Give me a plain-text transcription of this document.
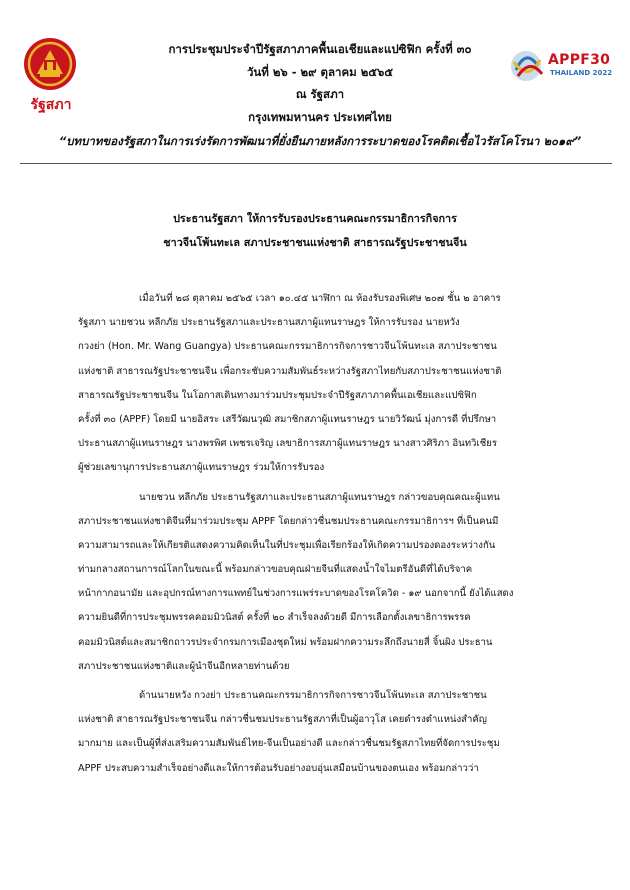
รัฐสภา
APPF30
THAILAND 2022
การประชุมประจำปีรัฐสภาภาคพื้นเอเชียและแปซิฟิก ครั้งที่ ๓๐
วันที่ ๒๖ - ๒๙ ตุลาคม ๒๕๖๕
ณ รัฐสภา
กรุงเทพมหานคร ประเทศไทย
“บทบาทของรัฐสภาในการเร่งรัดการพัฒนาที่ยั่งยืนภายหลังการระบาดของโรคติดเชื้อไวรัสโคโรนา ๒๐๑๙”
ประธานรัฐสภา ให้การรับรองประธานคณะกรรมาธิการกิจการ
ชาวจีนโพ้นทะเล สภาประชาชนแห่งชาติ สาธารณรัฐประชาชนจีน
เมื่อวันที่ ๒๘ ตุลาคม ๒๕๖๕ เวลา ๑๐.๔๕ นาฬิกา ณ ห้องรับรองพิเศษ ๒๐๗ ชั้น ๒ อาคาร
รัฐสภา นายชวน หลีกภัย ประธานรัฐสภาและประธานสภาผู้แทนราษฎร ให้การรับรอง นายหวัง
กวงย่า (Hon. Mr. Wang Guangya) ประธานคณะกรรมาธิการกิจการชาวจีนโพ้นทะเล สภาประชาชน
แห่งชาติ สาธารณรัฐประชาชนจีน เพื่อกระชับความสัมพันธ์ระหว่างรัฐสภาไทยกับสภาประชาชนแห่งชาติ
สาธารณรัฐประชาชนจีน ในโอกาสเดินทางมาร่วมประชุมประจำปีรัฐสภาภาคพื้นเอเชียและแปซิฟิก
ครั้งที่ ๓๐ (APPF) โดยมี นายอิสระ เสรีวัฒนวุฒิ สมาชิกสภาผู้แทนราษฎร นายวิวัฒน์ มุ่งการดี ที่ปรึกษา
ประธานสภาผู้แทนราษฎร นางพรพิศ เพชรเจริญ เลขาธิการสภาผู้แทนราษฎร นางสาวศิริภา อินทวิเชียร
ผู้ช่วยเลขานุการประธานสภาผู้แทนราษฎร ร่วมให้การรับรอง
นายชวน หลีกภัย ประธานรัฐสภาและประธานสภาผู้แทนราษฎร กล่าวขอบคุณคณะผู้แทน
สภาประชาชนแห่งชาติจีนที่มาร่วมประชุม APPF โดยกล่าวชื่นชมประธานคณะกรรมาธิการฯ ที่เป็นคนมี
ความสามารถและให้เกียรติแสดงความคิดเห็นในที่ประชุมเพื่อเรียกร้องให้เกิดความปรองดองระหว่างกัน
ท่ามกลางสถานการณ์โลกในขณะนี้ พร้อมกล่าวขอบคุณฝ่ายจีนที่แสดงน้ำใจไมตรีอันดีที่ได้บริจาค
หน้ากากอนามัย และอุปกรณ์ทางการแพทย์ในช่วงการแพร่ระบาดของโรคโควิด - ๑๙ นอกจากนี้ ยังได้แสดง
ความยินดีที่การประชุมพรรคคอมมิวนิสต์ ครั้งที่ ๒๐ สำเร็จลงด้วยดี มีการเลือกตั้งเลขาธิการพรรค
คอมมิวนิสต์และสมาชิกถาวรประจำกรมการเมืองชุดใหม่ พร้อมฝากความระลึกถึงนายสี่ จิ้นผิง ประธาน
สภาประชาชนแห่งชาติและผู้นำจีนอีกหลายท่านด้วย
ด้านนายหวัง กวงย่า ประธานคณะกรรมาธิการกิจการชาวจีนโพ้นทะเล สภาประชาชน
แห่งชาติ สาธารณรัฐประชาชนจีน กล่าวชื่นชมประธานรัฐสภาที่เป็นผู้อาวุโส เคยดำรงตำแหน่งสำคัญ
มากมาย และเป็นผู้ที่ส่งเสริมความสัมพันธ์ไทย-จีนเป็นอย่างดี และกล่าวชื่นชมรัฐสภาไทยที่จัดการประชุม
APPF ประสบความสำเร็จอย่างดีและให้การต้อนรับอย่างอบอุ่นเสมือนบ้านของตนเอง พร้อมกล่าวว่า
